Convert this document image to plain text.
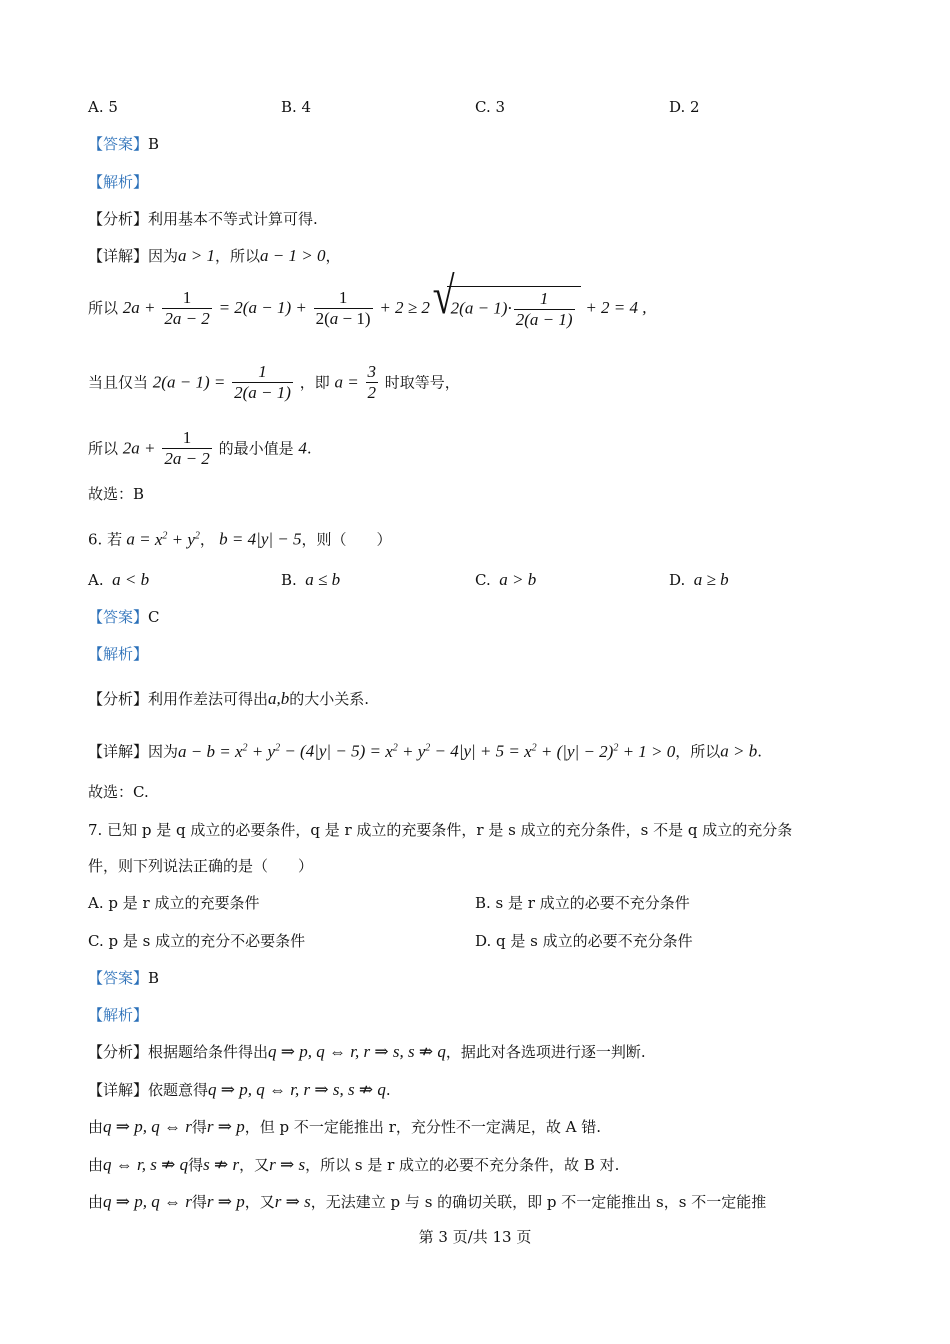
A. 5	B. 4	C. 3	D. 2
【答案】B
【解析】
【分析】利用基本不等式计算可得.
【详解】因为a > 1，所以a − 1 > 0，
所以 $2a + \frac{1}{2a - 2} = 2(a - 1) + \frac{1}{2(a - 1)} + 2 \ge 2$ √ $2(a - 1)\cdot \frac{1}{2(a - 1)} + 2 = 4$ ,
当且仅当 $2(a - 1) = \frac{1}{2(a - 1)}$ ，即 $a = \frac{3}{2}$ 时取等号，
所以 $2a + \frac{1}{2a - 2}$ 的最小值是 4.
故选：B
6. 若 $a = x^2 + y^2$， b = 4|y| − 5，则（　　）
A.  a < b	B.  a ≤ b	C.  a > b	D.  a ≥ b
【答案】C
【解析】
【分析】利用作差法可得出a,b的大小关系.
【详解】因为$a - b = x^2 + y^2 - (4|y| - 5) = x^2 + y^2 - 4|y| + 5 = x^2 + (|y| - 2)^2 + 1 > 0$，所以a > b.
故选：C.
7. 已知 p 是 q 成立的必要条件，q 是 r 成立的充要条件，r 是 s 成立的充分条件，s 不是 q 成立的充分条
件，则下列说法正确的是（　　）
A. p 是 r 成立的充要条件	B. s 是 r 成立的必要不充分条件
C. p 是 s 成立的充分不必要条件	D. q 是 s 成立的必要不充分条件
【答案】B
【解析】
【分析】根据题给条件得出q ⇒ p, q ⇔ r, r ⇒ s, s ⇏ q，据此对各选项进行逐一判断.
【详解】依题意得q ⇒ p, q ⇔ r, r ⇒ s, s ⇏ q.
由q ⇒ p, q ⇔ r得r ⇒ p，但 p 不一定能推出 r，充分性不一定满足，故 A 错.
由q ⇔ r, s ⇏ q得s ⇏ r，又r ⇒ s，所以 s 是 r 成立的必要不充分条件，故 B 对.
由q ⇒ p, q ⇔ r得r ⇒ p，又r ⇒ s，无法建立 p 与 s 的确切关联，即 p 不一定能推出 s，s 不一定能推
第 3 页/共 13 页
